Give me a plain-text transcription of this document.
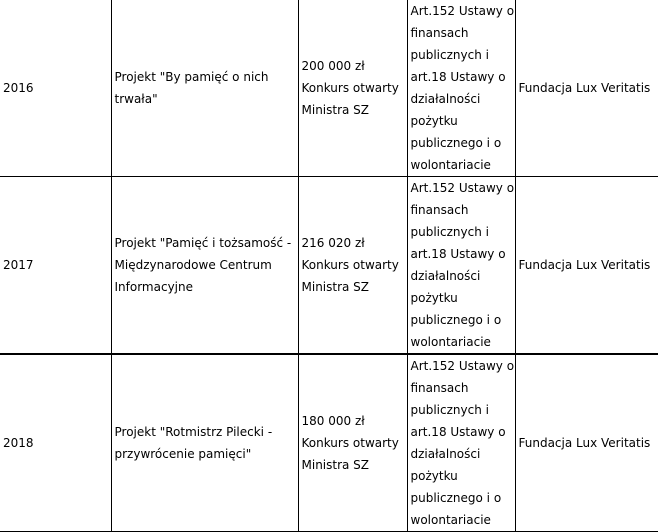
2016	Projekt "By pamięć o nich trwała"	200 000 zł Konkurs otwarty Ministra SZ	Art.152 Ustawy o finansach publicznych i art.18 Ustawy o działalności pożytku publicznego i o wolontariacie	Fundacja Lux Veritatis
2017	Projekt "Pamięć i tożsamość - Międzynarodowe Centrum Informacyjne	216 020 zł Konkurs otwarty Ministra SZ	Art.152 Ustawy o finansach publicznych i art.18 Ustawy o działalności pożytku publicznego i o wolontariacie	Fundacja Lux Veritatis
2018	Projekt "Rotmistrz Pilecki - przywrócenie pamięci"	180 000 zł Konkurs otwarty Ministra SZ	Art.152 Ustawy o finansach publicznych i art.18 Ustawy o działalności pożytku publicznego i o wolontariacie	Fundacja Lux Veritatis
